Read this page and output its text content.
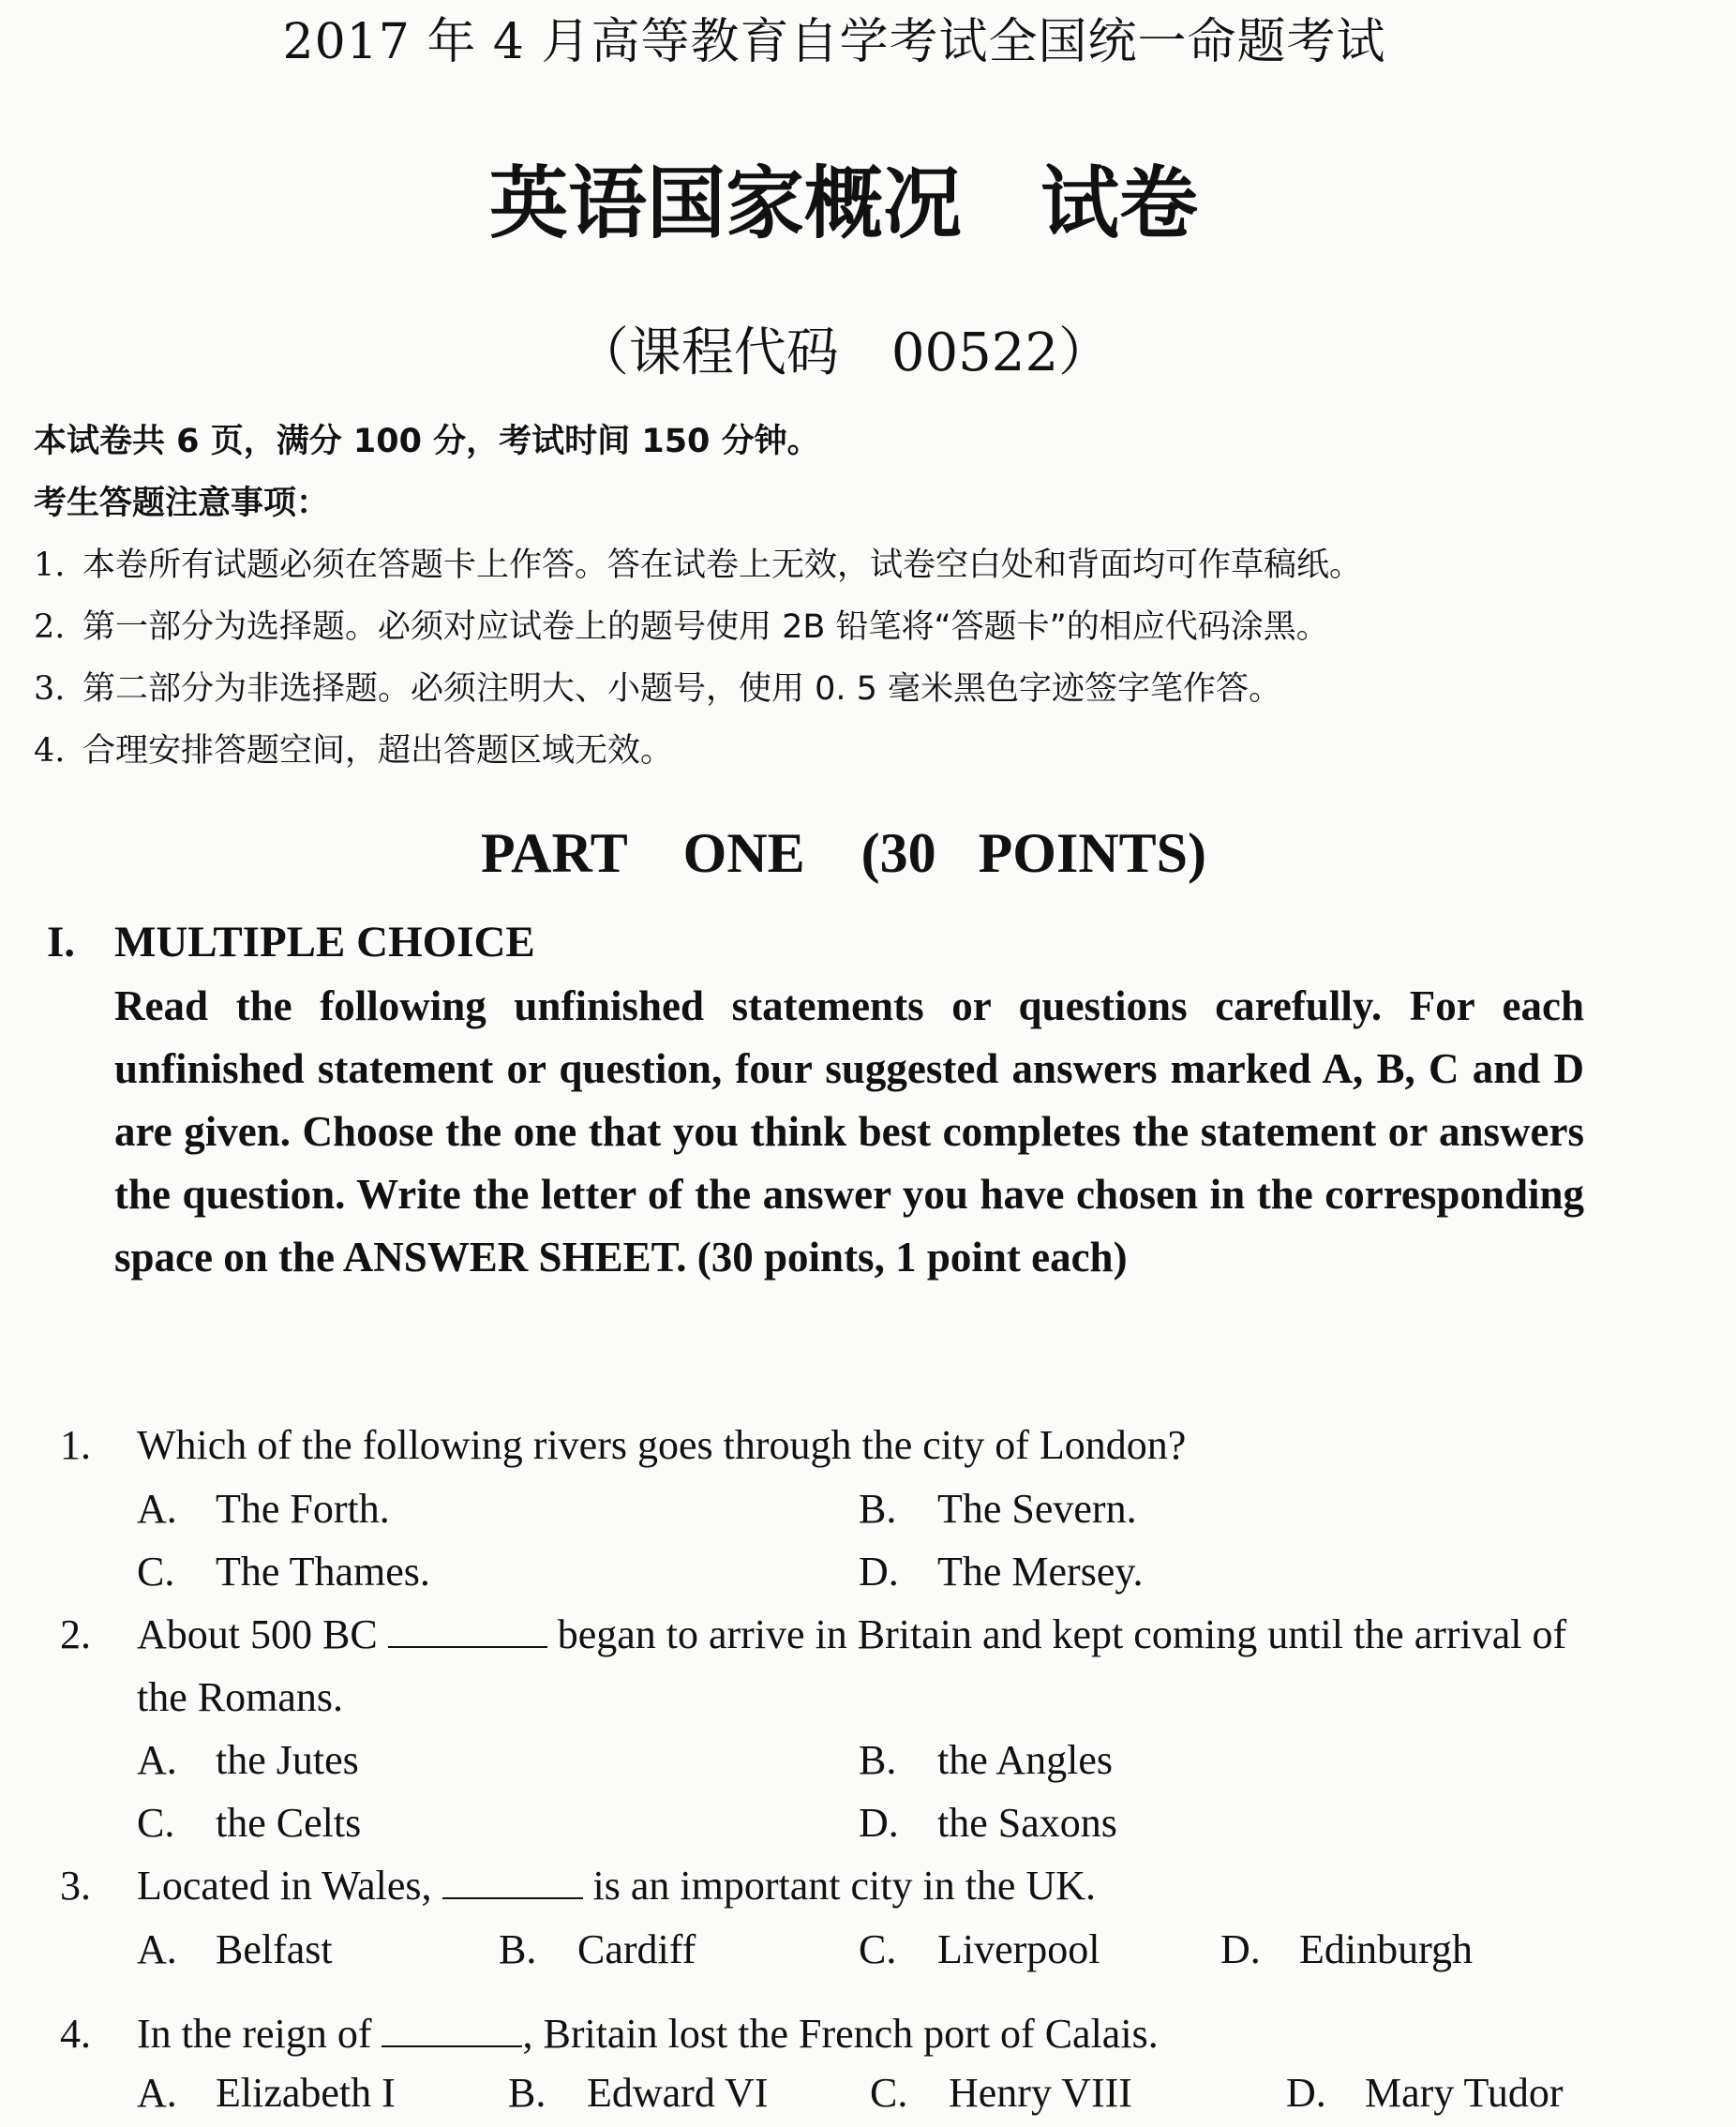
2017 年 4 月高等教育自学考试全国统一命题考试
英语国家概况　试卷
（课程代码　00522）
本试卷共 6 页，满分 100 分，考试时间 150 分钟。
考生答题注意事项：
1. 本卷所有试题必须在答题卡上作答。答在试卷上无效，试卷空白处和背面均可作草稿纸。
2. 第一部分为选择题。必须对应试卷上的题号使用 2B 铅笔将“答题卡”的相应代码涂黑。
3. 第二部分为非选择题。必须注明大、小题号，使用 0. 5 毫米黑色字迹签字笔作答。
4. 合理安排答题空间，超出答题区域无效。
PART　ONE　(30 POINTS)
I. MULTIPLE CHOICE
Read the following unfinished statements or questions carefully. For each unfinished statement or question, four suggested answers marked A, B, C and D are given. Choose the one that you think best completes the statement or answers the question. Write the letter of the answer you have chosen in the corresponding space on the ANSWER SHEET. (30 points, 1 point each)
1. Which of the following rivers goes through the city of London?
A. The Forth.	B. The Severn.
C. The Thames.	D. The Mersey.
2. About 500 BC	began to arrive in Britain and kept coming until the arrival of the Romans.
A. the Jutes	B. the Angles
C. the Celts	D. the Saxons
3. Located in Wales,	is an important city in the UK.
A. Belfast	B. Cardiff	C. Liverpool	D. Edinburgh
4. In the reign of	, Britain lost the French port of Calais.
A. Elizabeth I	B. Edward VI C. Henry VIII	D. Mary Tudor
